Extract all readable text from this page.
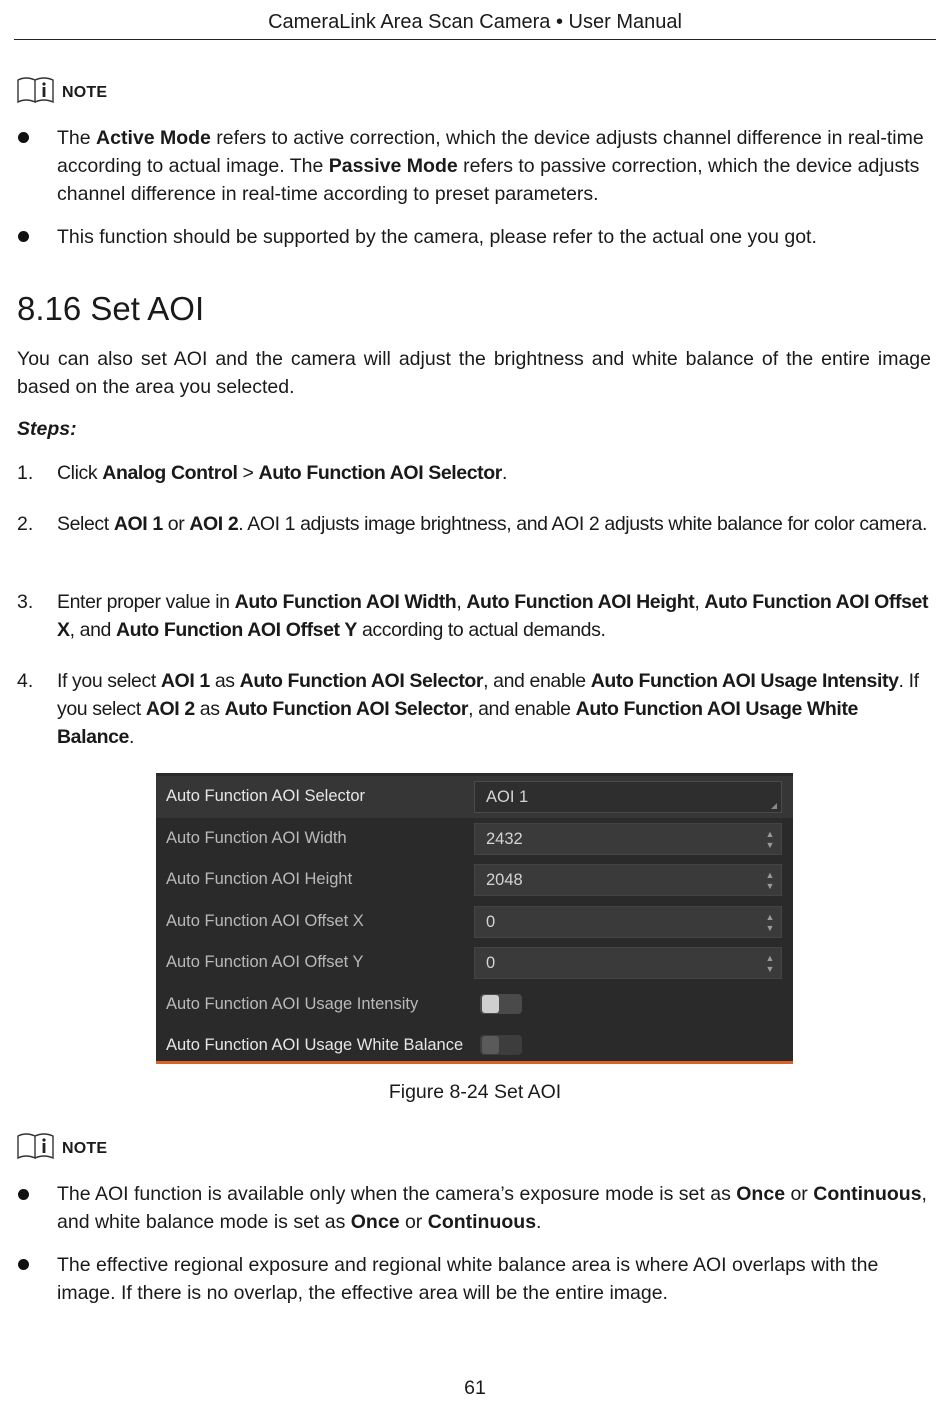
CameraLink Area Scan Camera • User Manual
NOTE
The Active Mode refers to active correction, which the device adjusts channel difference in real-time according to actual image. The Passive Mode refers to passive correction, which the device adjusts channel difference in real-time according to preset parameters.
This function should be supported by the camera, please refer to the actual one you got.
8.16 Set AOI
You can also set AOI and the camera will adjust the brightness and white balance of the entire image based on the area you selected.
Steps:
1. Click Analog Control > Auto Function AOI Selector.
2. Select AOI 1 or AOI 2. AOI 1 adjusts image brightness, and AOI 2 adjusts white balance for color camera.
3. Enter proper value in Auto Function AOI Width, Auto Function AOI Height, Auto Function AOI Offset X, and Auto Function AOI Offset Y according to actual demands.
4. If you select AOI 1 as Auto Function AOI Selector, and enable Auto Function AOI Usage Intensity. If you select AOI 2 as Auto Function AOI Selector, and enable Auto Function AOI Usage White Balance.
Auto Function AOI Selector	AOI 1
Auto Function AOI Width	2432	▲
▼
Auto Function AOI Height	2048	▲
▼
Auto Function AOI Offset X	0	▲
▼
Auto Function AOI Offset Y	0	▲
▼
Auto Function AOI Usage Intensity
Auto Function AOI Usage White Balance
Figure 8-24 Set AOI
NOTE
The AOI function is available only when the camera’s exposure mode is set as Once or Continuous, and white balance mode is set as Once or Continuous.
The effective regional exposure and regional white balance area is where AOI overlaps with the image. If there is no overlap, the effective area will be the entire image.
61
